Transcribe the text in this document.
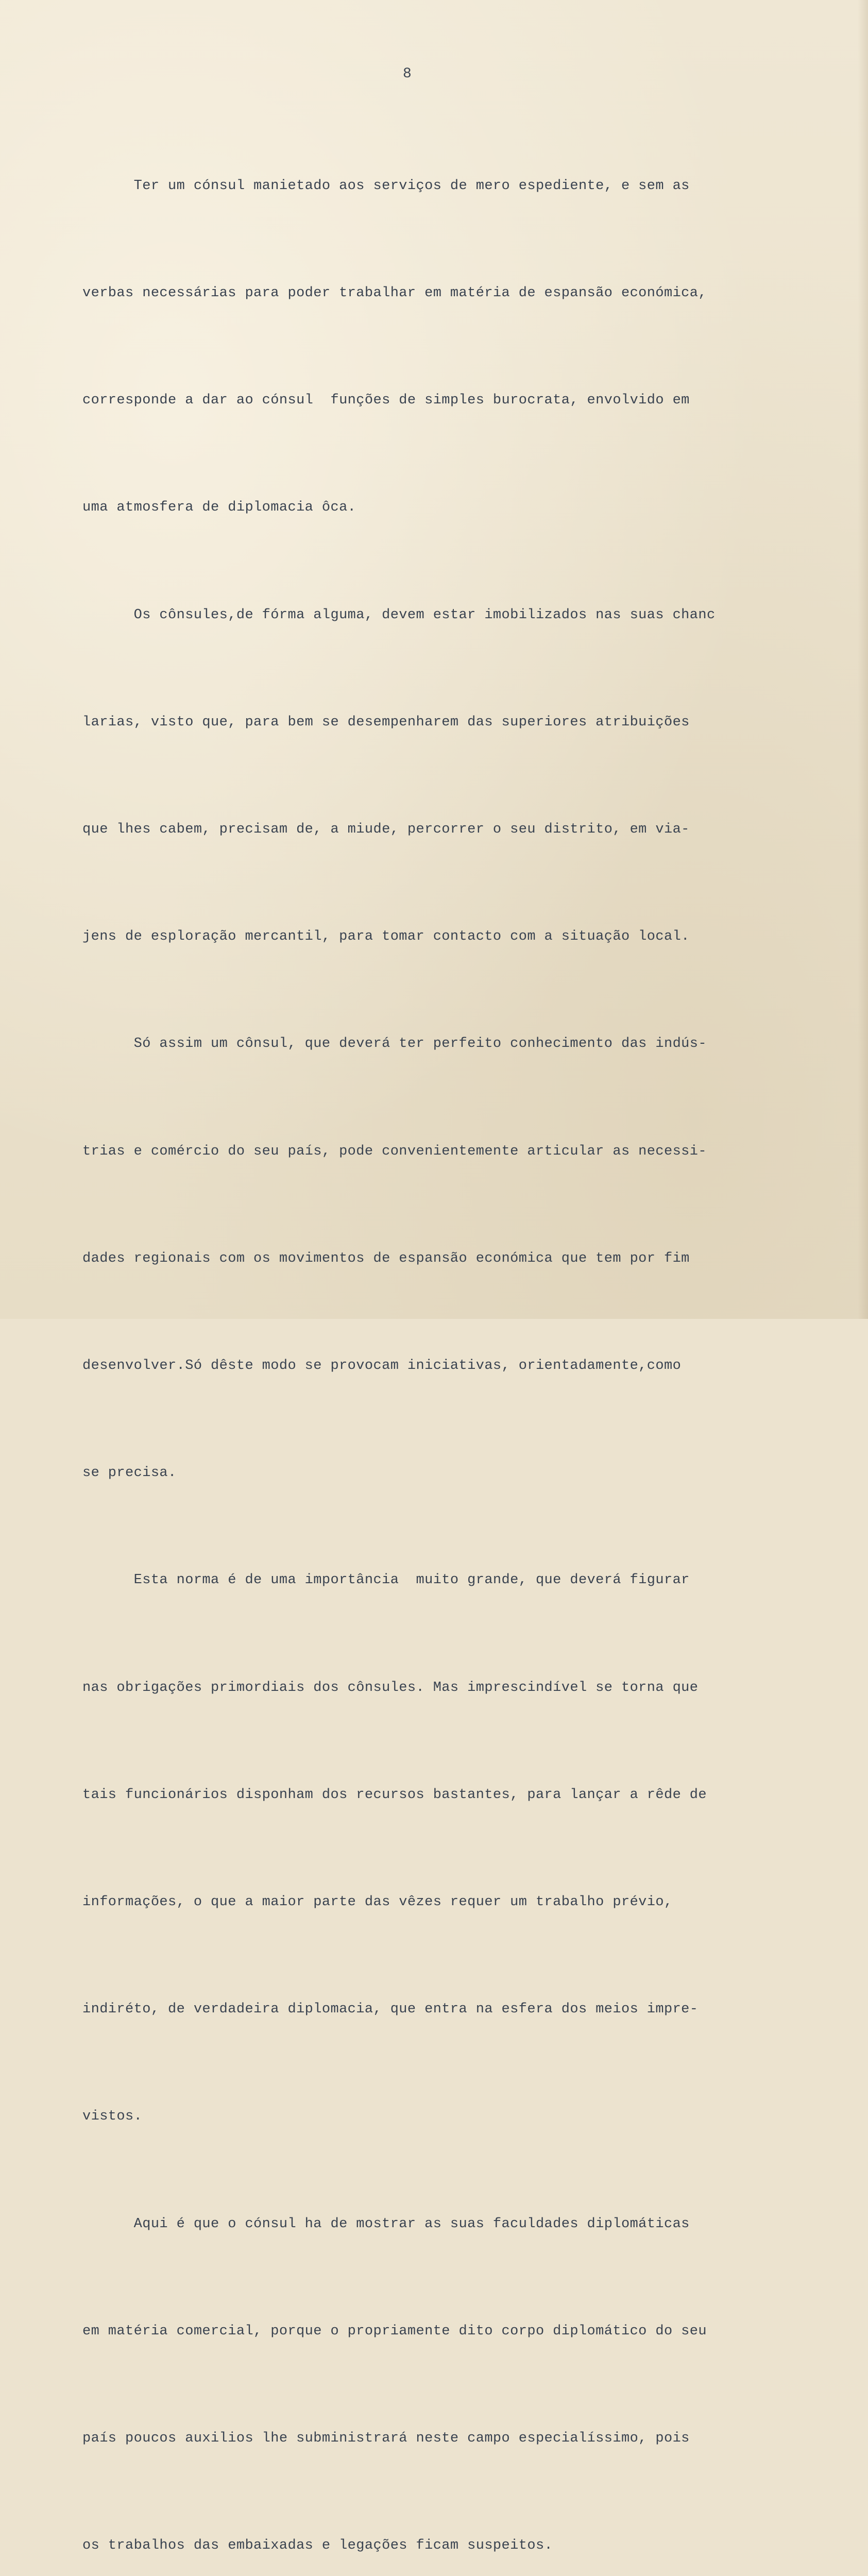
8

Ter um cónsul manietado aos serviços de mero espediente, e sem as

verbas necessárias para poder trabalhar em matéria de espansão económica,

corresponde a dar ao cónsul  funções de simples burocrata, envolvido em

uma atmosfera de diplomacia ôca.

Os cônsules,de fórma alguma, devem estar imobilizados nas suas chanc

larias, visto que, para bem se desempenharem das superiores atribuições

que lhes cabem, precisam de, a miude, percorrer o seu distrito, em via-

jens de esploração mercantil, para tomar contacto com a situação local.

Só assim um cônsul, que deverá ter perfeito conhecimento das indús-

trias e comércio do seu país, pode convenientemente articular as necessi-

dades regionais com os movimentos de espansão económica que tem por fim

desenvolver.Só dêste modo se provocam iniciativas, orientadamente,como

se precisa.

Esta norma é de uma importância  muito grande, que deverá figurar

nas obrigações primordiais dos cônsules. Mas imprescindível se torna que

tais funcionários disponham dos recursos bastantes, para lançar a rêde de

informações, o que a maior parte das vêzes requer um trabalho prévio,

indiréto, de verdadeira diplomacia, que entra na esfera dos meios impre-

vistos.

Aqui é que o cónsul ha de mostrar as suas faculdades diplomáticas

em matéria comercial, porque o propriamente dito corpo diplomático do seu

país poucos auxilios lhe subministrará neste campo especialíssimo, pois

os trabalhos das embaixadas e legações ficam suspeitos.
